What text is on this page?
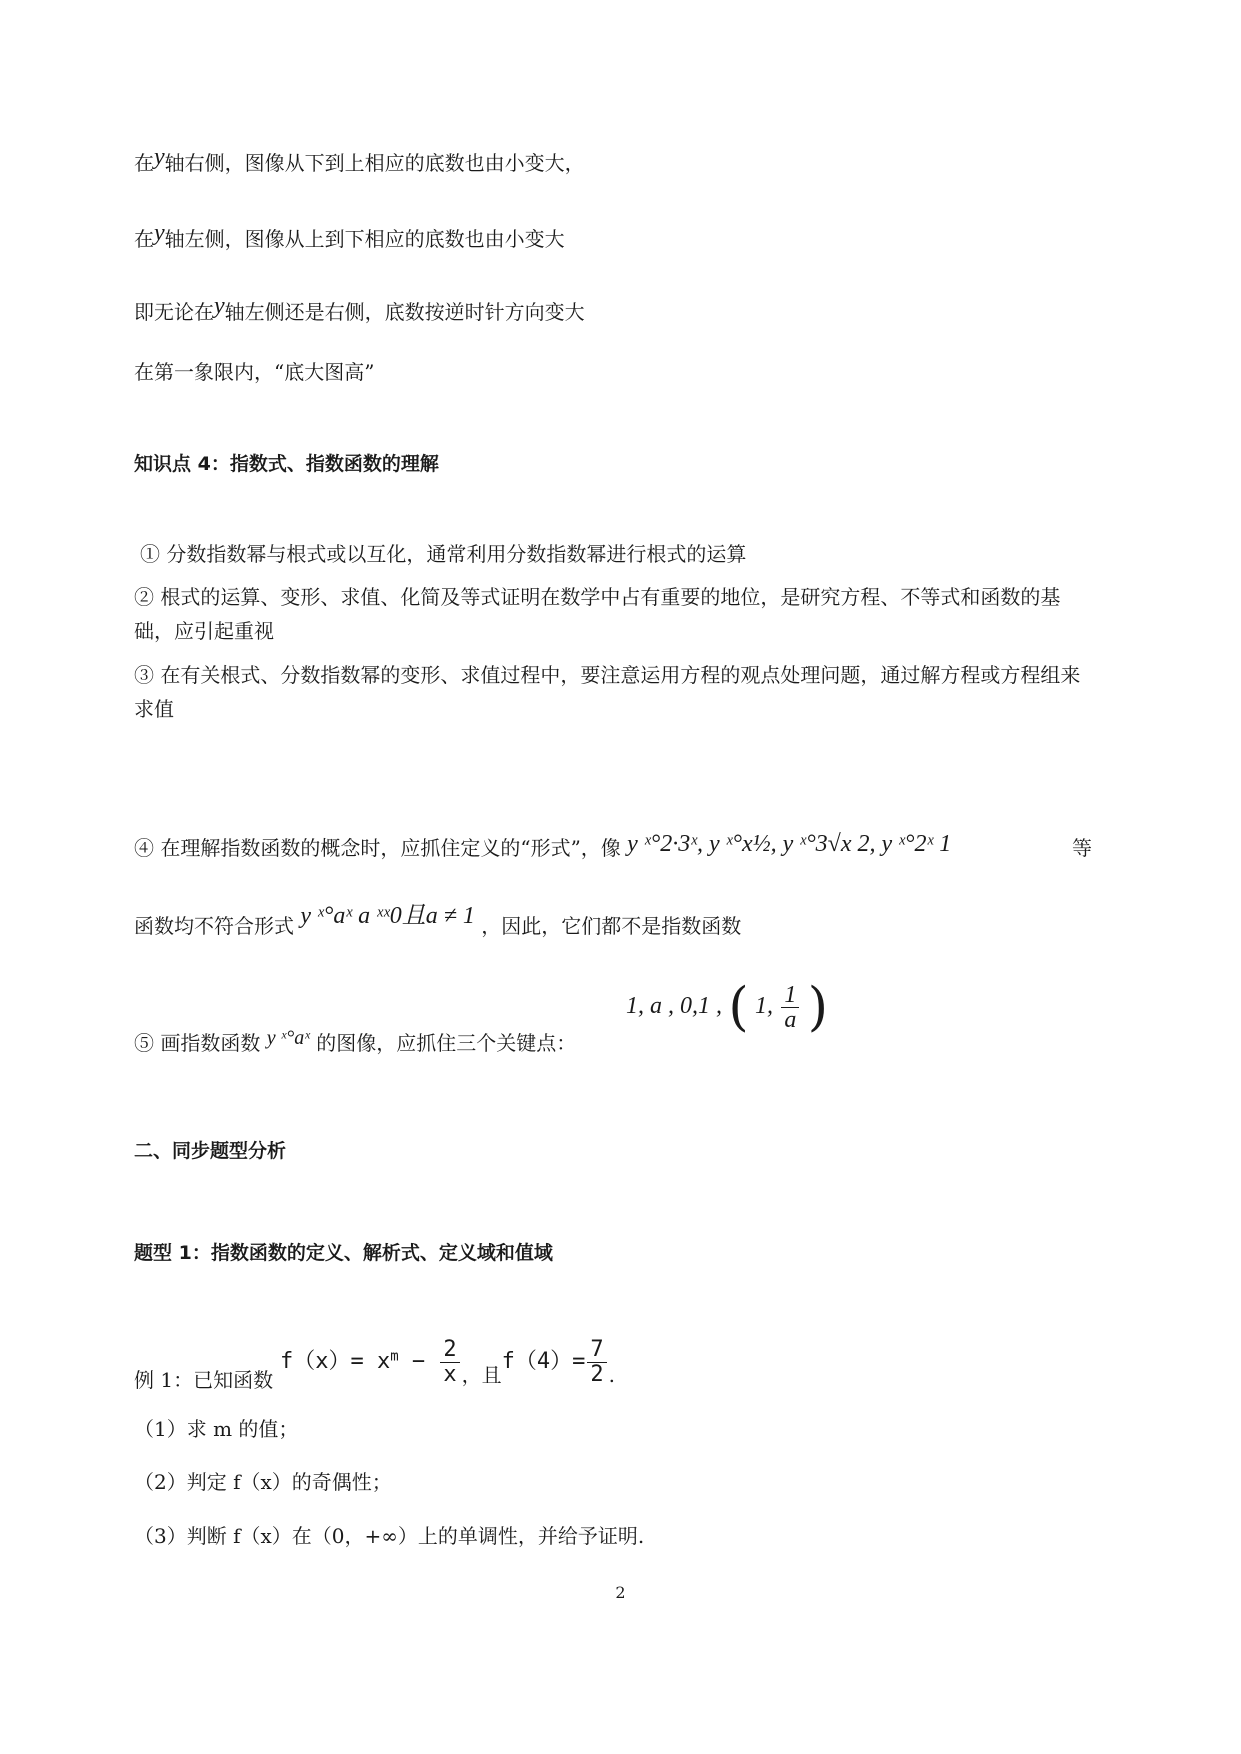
在y轴右侧，图像从下到上相应的底数也由小变大，
在y轴左侧，图像从上到下相应的底数也由小变大
即无论在y轴左侧还是右侧，底数按逆时针方向变大
在第一象限内，“底大图高”
知识点 4：指数式、指数函数的理解
① 分数指数幂与根式或以互化，通常利用分数指数幂进行根式的运算
② 根式的运算、变形、求值、化简及等式证明在数学中占有重要的地位，是研究方程、不等式和函数的基础，应引起重视
③ 在有关根式、分数指数幂的变形、求值过程中，要注意运用方程的观点处理问题，通过解方程或方程组来求值
④ 在理解指数函数的概念时，应抓住定义的“形式”，像 y ˣ°2·3ˣ, y ˣ°x½, y ˣ°3√x 2, y ˣ°2ˣ 1	等
函数均不符合形式 y ˣ°aˣ a ˣˣ0且a ≠ 1 ，因此，它们都不是指数函数
⑤ 画指数函数 y ˣ°aˣ 的图像，应抓住三个关键点：
1, a , 0,1 , ( 1, $\frac{1}{a}$ )
二、同步题型分析
题型 1：指数函数的定义、解析式、定义域和值域
例 1：已知函数
$f(x)= x^m - \frac{2}{x}$ ，且$f(4)= \frac{7}{2}$ .
（1）求 m 的值；
（2）判定 f（x）的奇偶性；
（3）判断 f（x）在（0，+∞）上的单调性，并给予证明.
2
